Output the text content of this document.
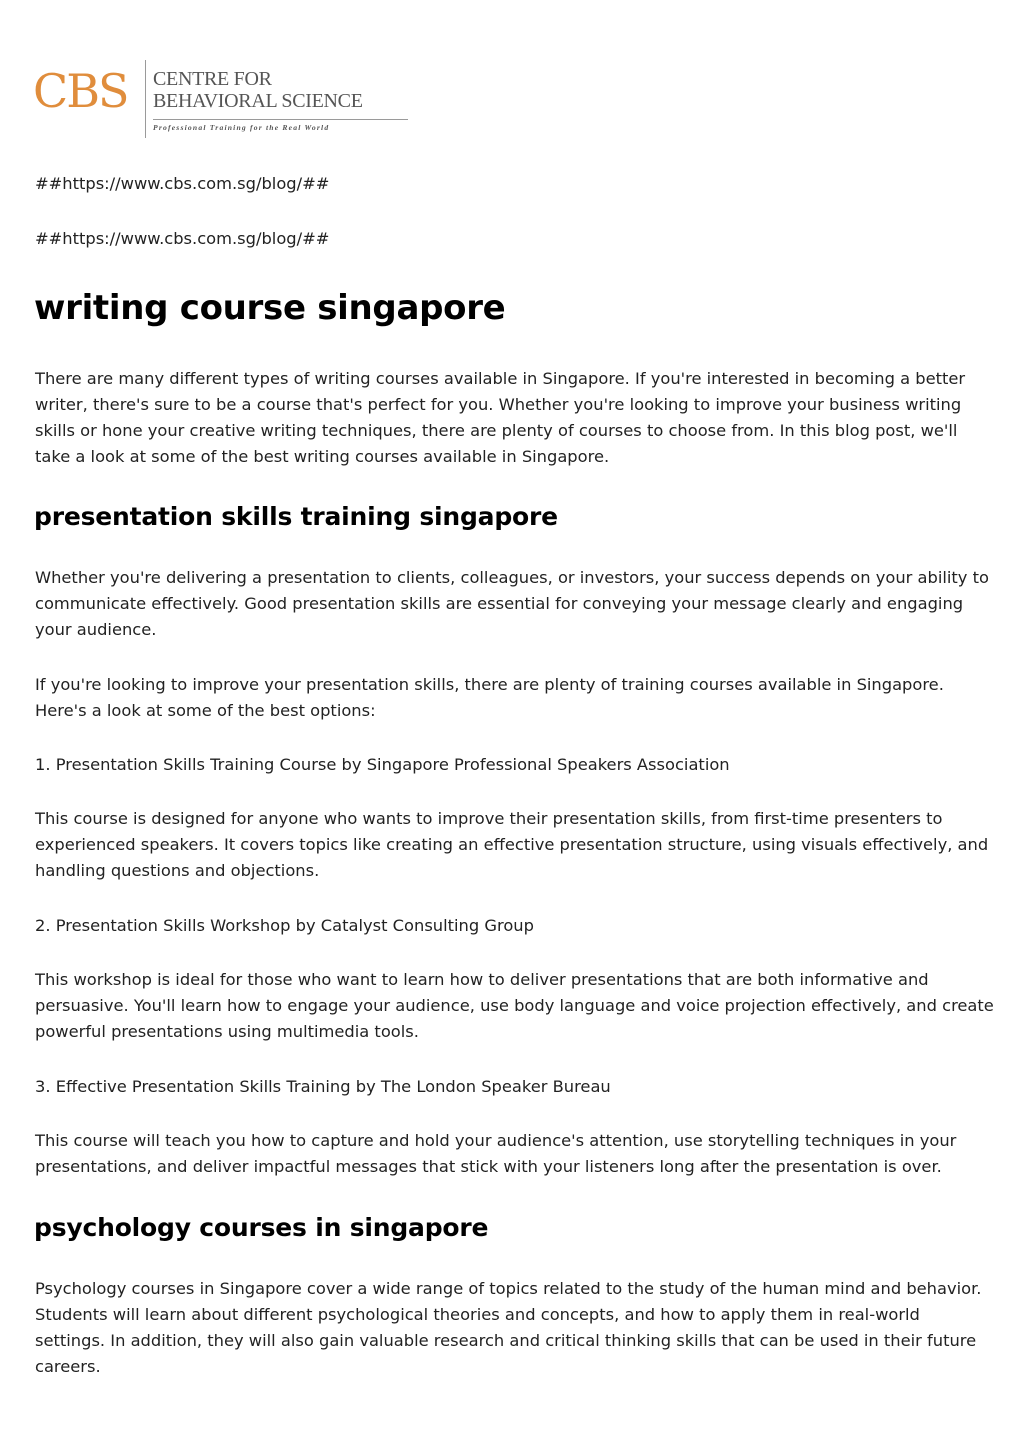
CBS CENTRE FOR
BEHAVIORAL SCIENCE
Professional Training for the Real World

##https://www.cbs.com.sg/blog/##

##https://www.cbs.com.sg/blog/##

writing course singapore

There are many different types of writing courses available in Singapore. If you're interested in becoming a better writer, there's sure to be a course that's perfect for you. Whether you're looking to improve your business writing skills or hone your creative writing techniques, there are plenty of courses to choose from. In this blog post, we'll take a look at some of the best writing courses available in Singapore.

presentation skills training singapore

Whether you're delivering a presentation to clients, colleagues, or investors, your success depends on your ability to communicate effectively. Good presentation skills are essential for conveying your message clearly and engaging your audience.

If you're looking to improve your presentation skills, there are plenty of training courses available in Singapore. Here's a look at some of the best options:

1. Presentation Skills Training Course by Singapore Professional Speakers Association

This course is designed for anyone who wants to improve their presentation skills, from first-time presenters to experienced speakers. It covers topics like creating an effective presentation structure, using visuals effectively, and handling questions and objections.

2. Presentation Skills Workshop by Catalyst Consulting Group

This workshop is ideal for those who want to learn how to deliver presentations that are both informative and persuasive. You'll learn how to engage your audience, use body language and voice projection effectively, and create powerful presentations using multimedia tools.

3. Effective Presentation Skills Training by The London Speaker Bureau

This course will teach you how to capture and hold your audience's attention, use storytelling techniques in your presentations, and deliver impactful messages that stick with your listeners long after the presentation is over.

psychology courses in singapore

Psychology courses in Singapore cover a wide range of topics related to the study of the human mind and behavior. Students will learn about different psychological theories and concepts, and how to apply them in real-world settings. In addition, they will also gain valuable research and critical thinking skills that can be used in their future careers.
